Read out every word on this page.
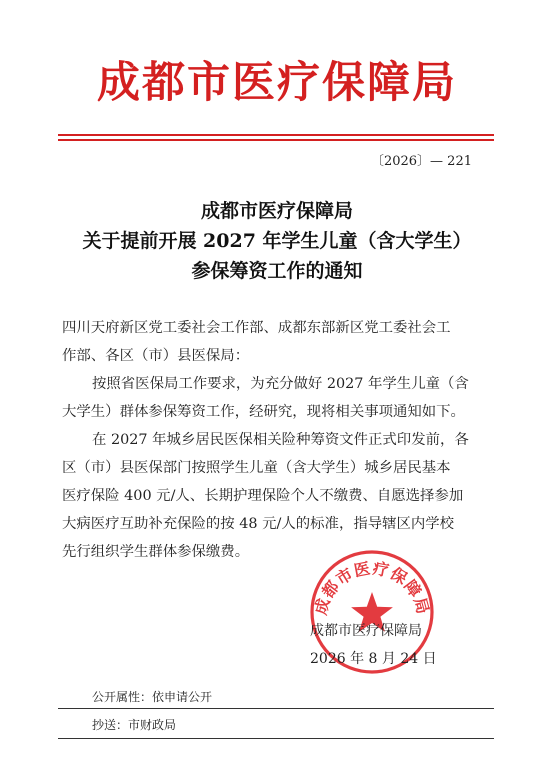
成都市医疗保障局
〔2026〕— 221
成都市医疗保障局
关于提前开展 2027 年学生儿童（含大学生）
参保筹资工作的通知
四川天府新区党工委社会工作部、成都东部新区党工委社会工
作部、各区（市）县医保局：
按照省医保局工作要求，为充分做好 2027 年学生儿童（含
大学生）群体参保筹资工作，经研究，现将相关事项通知如下。
在 2027 年城乡居民医保相关险种筹资文件正式印发前，各
区（市）县医保部门按照学生儿童（含大学生）城乡居民基本
医疗保险 400 元/人、长期护理保险个人不缴费、自愿选择参加
大病医疗互助补充保险的按 48 元/人的标准，指导辖区内学校
先行组织学生群体参保缴费。
成都市医疗保障局
成都市医疗保障局
2026 年 8 月 24 日
公开属性：依申请公开
抄送：市财政局
